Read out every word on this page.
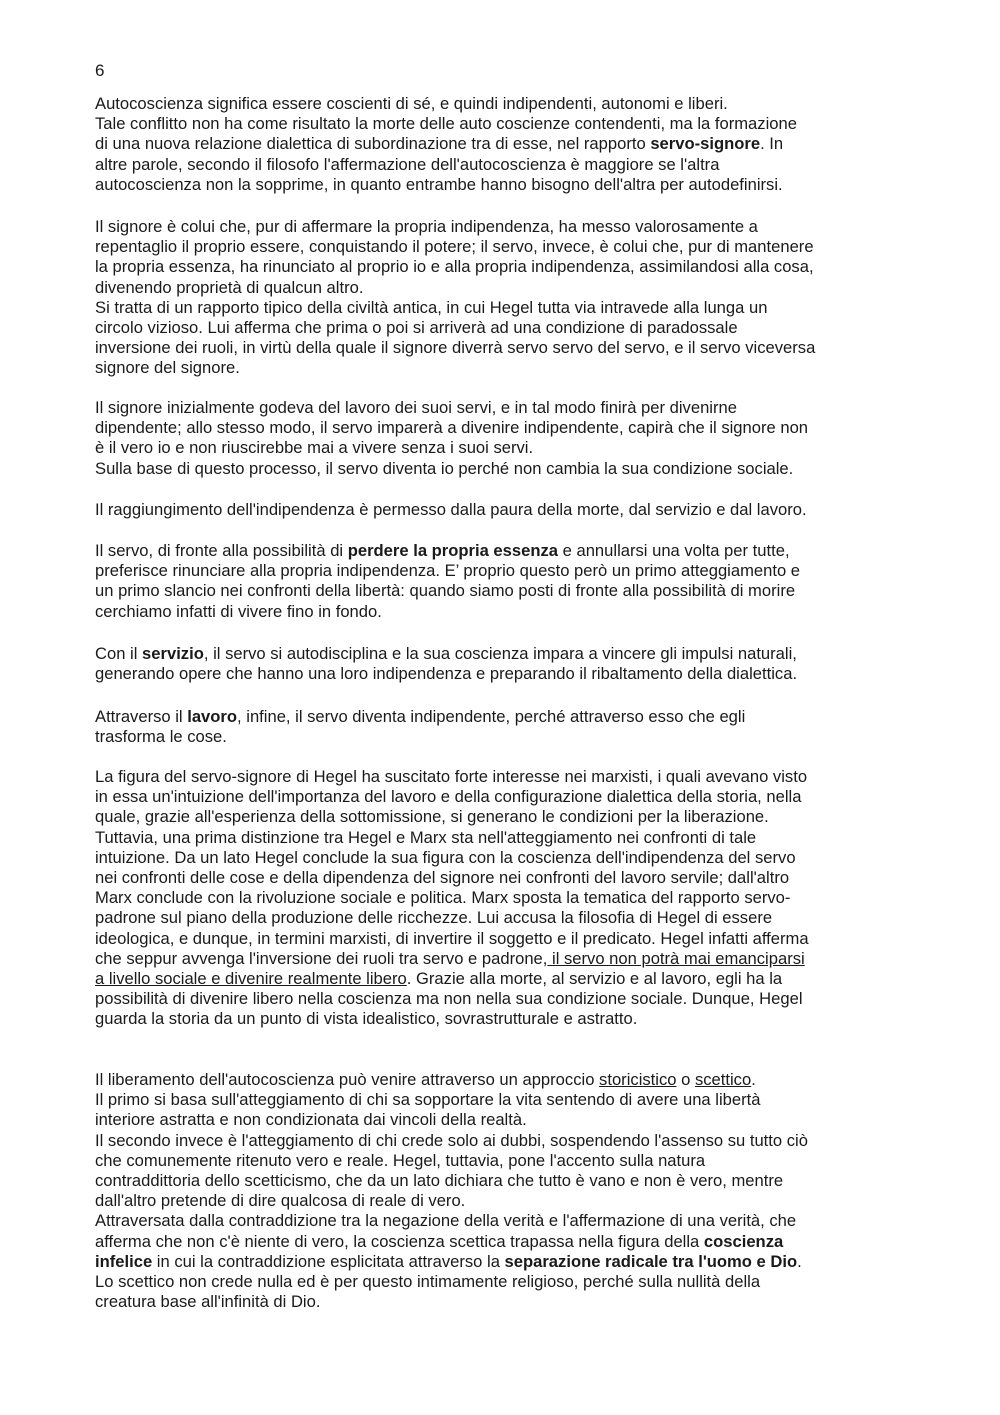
6
Autocoscienza significa essere coscienti di sé, e quindi indipendenti, autonomi e liberi.
Tale conflitto non ha come risultato la morte delle auto coscienze contendenti, ma la formazione
di una nuova relazione dialettica di subordinazione tra di esse, nel rapporto servo-signore. In
altre parole, secondo il filosofo l'affermazione dell'autocoscienza è maggiore se l'altra
autocoscienza non la sopprime, in quanto entrambe hanno bisogno dell'altra per autodefinirsi.
Il signore è colui che, pur di affermare la propria indipendenza, ha messo valorosamente a
repentaglio il proprio essere, conquistando il potere; il servo, invece, è colui che, pur di mantenere
la propria essenza, ha rinunciato al proprio io e alla propria indipendenza, assimilandosi alla cosa,
divenendo proprietà di qualcun altro.
Si tratta di un rapporto tipico della civiltà antica, in cui Hegel tutta via intravede alla lunga un
circolo vizioso. Lui afferma che prima o poi si arriverà ad una condizione di paradossale
inversione dei ruoli, in virtù della quale il signore diverrà servo servo del servo, e il servo viceversa
signore del signore.
Il signore inizialmente godeva del lavoro dei suoi servi, e in tal modo finirà per divenirne
dipendente; allo stesso modo, il servo imparerà a divenire indipendente, capirà che il signore non
è il vero io e non riuscirebbe mai a vivere senza i suoi servi.
Sulla base di questo processo, il servo diventa io perché non cambia la sua condizione sociale.
Il raggiungimento dell'indipendenza è permesso dalla paura della morte, dal servizio e dal lavoro.
Il servo, di fronte alla possibilità di perdere la propria essenza e annullarsi una volta per tutte,
preferisce rinunciare alla propria indipendenza. E’ proprio questo però un primo atteggiamento e
un primo slancio nei confronti della libertà: quando siamo posti di fronte alla possibilità di morire
cerchiamo infatti di vivere fino in fondo.
Con il servizio, il servo si autodisciplina e la sua coscienza impara a vincere gli impulsi naturali,
generando opere che hanno una loro indipendenza e preparando il ribaltamento della dialettica.
Attraverso il lavoro, infine, il servo diventa indipendente, perché attraverso esso che egli
trasforma le cose.
La figura del servo-signore di Hegel ha suscitato forte interesse nei marxisti, i quali avevano visto
in essa un'intuizione dell'importanza del lavoro e della configurazione dialettica della storia, nella
quale, grazie all'esperienza della sottomissione, si generano le condizioni per la liberazione.
Tuttavia, una prima distinzione tra Hegel e Marx sta nell'atteggiamento nei confronti di tale
intuizione. Da un lato Hegel conclude la sua figura con la coscienza dell'indipendenza del servo
nei confronti delle cose e della dipendenza del signore nei confronti del lavoro servile; dall'altro
Marx conclude con la rivoluzione sociale e politica. Marx sposta la tematica del rapporto servo-
padrone sul piano della produzione delle ricchezze. Lui accusa la filosofia di Hegel di essere
ideologica, e dunque, in termini marxisti, di invertire il soggetto e il predicato. Hegel infatti afferma
che seppur avvenga l'inversione dei ruoli tra servo e padrone, il servo non potrà mai emanciparsi
a livello sociale e divenire realmente libero. Grazie alla morte, al servizio e al lavoro, egli ha la
possibilità di divenire libero nella coscienza ma non nella sua condizione sociale. Dunque, Hegel
guarda la storia da un punto di vista idealistico, sovrastrutturale e astratto.
Il liberamento dell'autocoscienza può venire attraverso un approccio storicistico o scettico.
Il primo si basa sull'atteggiamento di chi sa sopportare la vita sentendo di avere una libertà
interiore astratta e non condizionata dai vincoli della realtà.
Il secondo invece è l'atteggiamento di chi crede solo ai dubbi, sospendendo l'assenso su tutto ciò
che comunemente ritenuto vero e reale. Hegel, tuttavia, pone l'accento sulla natura
contraddittoria dello scetticismo, che da un lato dichiara che tutto è vano e non è vero, mentre
dall'altro pretende di dire qualcosa di reale di vero.
Attraversata dalla contraddizione tra la negazione della verità e l'affermazione di una verità, che
afferma che non c'è niente di vero, la coscienza scettica trapassa nella figura della coscienza
infelice in cui la contraddizione esplicitata attraverso la separazione radicale tra l'uomo e Dio.
Lo scettico non crede nulla ed è per questo intimamente religioso, perché sulla nullità della
creatura base all'infinità di Dio.
